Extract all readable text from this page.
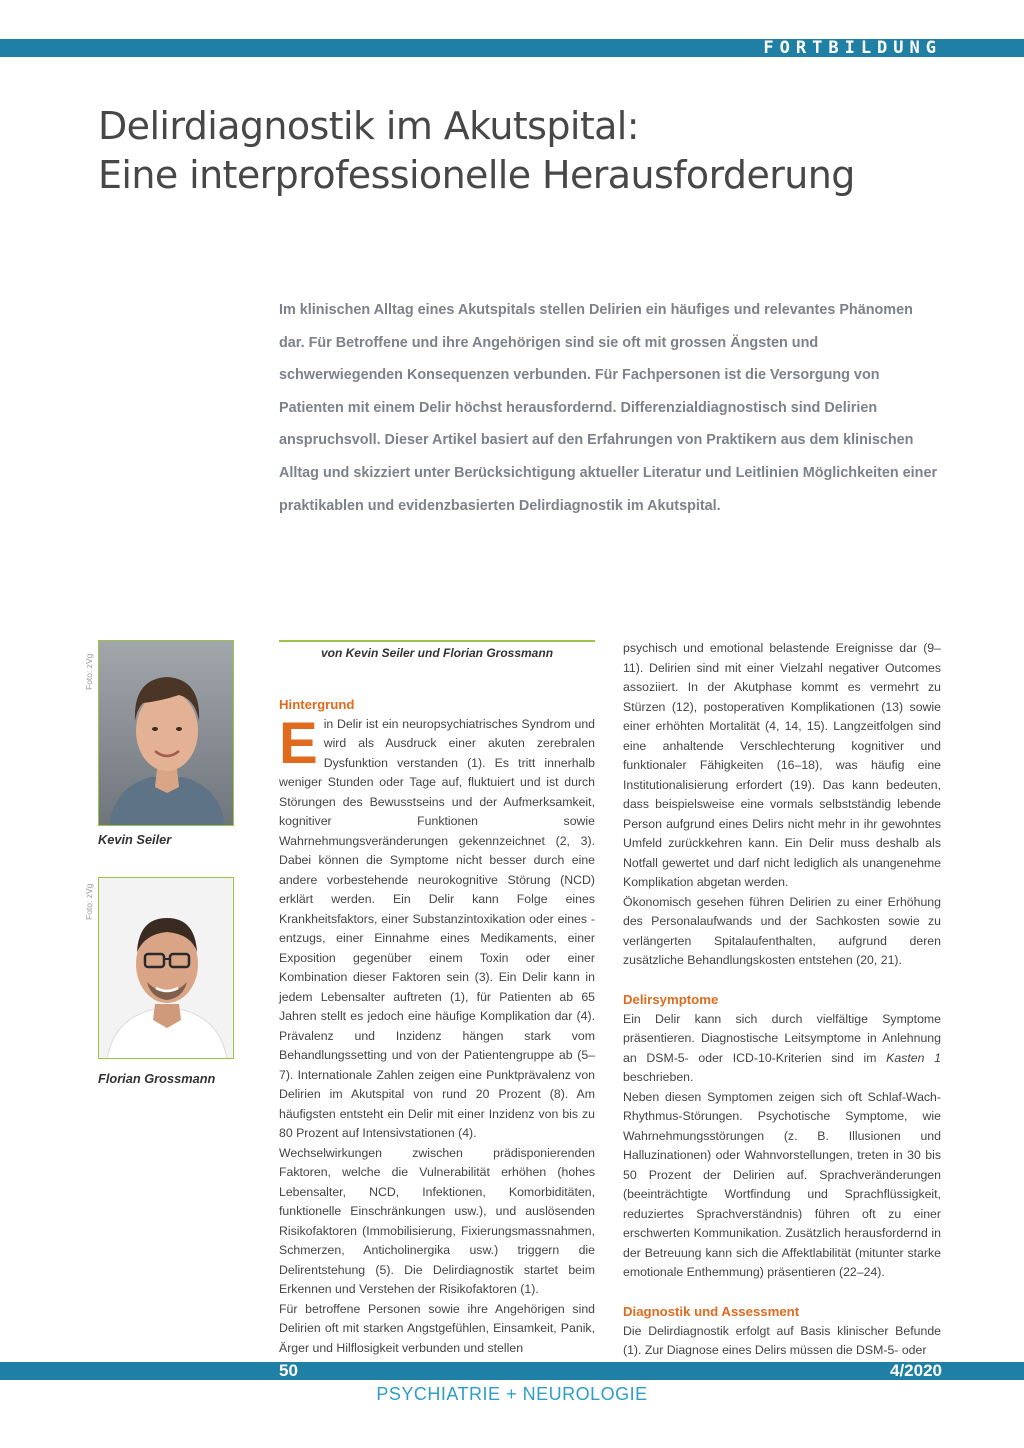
FORTBILDUNG
Delirdiagnostik im Akutspital:
Eine interprofessionelle Herausforderung

Im klinischen Alltag eines Akutspitals stellen Delirien ein häufiges und relevantes Phänomen dar. Für Betroffene und ihre Angehörigen sind sie oft mit grossen Ängsten und schwerwiegenden Konsequenzen verbunden. Für Fachpersonen ist die Versorgung von Patienten mit einem Delir höchst herausfordernd. Differenzialdiagnostisch sind Delirien anspruchsvoll. Dieser Artikel basiert auf den Erfahrungen von Praktikern aus dem klinischen Alltag und skizziert unter Berücksichtigung aktueller Literatur und Leitlinien Möglichkeiten einer praktikablen und evidenzbasierten Delirdiagnostik im Akutspital.

Foto: zVg
Kevin Seiler
Foto: zVg
Florian Grossmann
von Kevin Seiler und Florian Grossmann
Hintergrund

Ein Delir ist ein neuropsychiatrisches Syndrom und wird als Ausdruck einer akuten zerebralen Dysfunktion verstanden (1). Es tritt innerhalb weniger Stunden oder Tage auf, fluktuiert und ist durch Störungen des Bewusstseins und der Aufmerksamkeit, kognitiver Funktionen sowie Wahrnehmungsveränderungen gekennzeichnet (2, 3). Dabei können die Symptome nicht besser durch eine andere vorbestehende neurokognitive Störung (NCD) erklärt werden. Ein Delir kann Folge eines Krankheitsfaktors, einer Substanzintoxikation oder eines -entzugs, einer Einnahme eines Medikaments, einer Exposition gegenüber einem Toxin oder einer Kombination dieser Faktoren sein (3). Ein Delir kann in jedem Lebensalter auftreten (1), für Patienten ab 65 Jahren stellt es jedoch eine häufige Komplikation dar (4). Prävalenz und Inzidenz hängen stark vom Behandlungssetting und von der Patientengruppe ab (5–7). Internationale Zahlen zeigen eine Punktprävalenz von Delirien im Akutspital von rund 20 Prozent (8). Am häufigsten entsteht ein Delir mit einer Inzidenz von bis zu 80 Prozent auf Intensivstationen (4).

Wechselwirkungen zwischen prädisponierenden Faktoren, welche die Vulnerabilität erhöhen (hohes Lebensalter, NCD, Infektionen, Komorbiditäten, funktionelle Einschränkungen usw.), und auslösenden Risikofaktoren (Immobilisierung, Fixierungsmassnahmen, Schmerzen, Anticholinergika usw.) triggern die Delirentstehung (5). Die Delirdiagnostik startet beim Erkennen und Verstehen der Risikofaktoren (1).

Für betroffene Personen sowie ihre Angehörigen sind Delirien oft mit starken Angstgefühlen, Einsamkeit, Panik, Ärger und Hilflosigkeit verbunden und stellen

psychisch und emotional belastende Ereignisse dar (9–11). Delirien sind mit einer Vielzahl negativer Outcomes assoziiert. In der Akutphase kommt es vermehrt zu Stürzen (12), postoperativen Komplikationen (13) sowie einer erhöhten Mortalität (4, 14, 15). Langzeitfolgen sind eine anhaltende Verschlechterung kognitiver und funktionaler Fähigkeiten (16–18), was häufig eine Institutionalisierung erfordert (19). Das kann bedeuten, dass beispielsweise eine vormals selbstständig lebende Person aufgrund eines Delirs nicht mehr in ihr gewohntes Umfeld zurückkehren kann. Ein Delir muss deshalb als Notfall gewertet und darf nicht lediglich als unangenehme Komplikation abgetan werden.

Ökonomisch gesehen führen Delirien zu einer Erhöhung des Personalaufwands und der Sachkosten sowie zu verlängerten Spitalaufenthalten, aufgrund deren zusätzliche Behandlungskosten entstehen (20, 21).

Delirsymptome

Ein Delir kann sich durch vielfältige Symptome präsentieren. Diagnostische Leitsymptome in Anlehnung an DSM-5- oder ICD-10-Kriterien sind im Kasten 1 beschrieben.

Neben diesen Symptomen zeigen sich oft Schlaf-Wach-Rhythmus-Störungen. Psychotische Symptome, wie Wahrnehmungsstörungen (z. B. Illusionen und Halluzinationen) oder Wahnvorstellungen, treten in 30 bis 50 Prozent der Delirien auf. Sprachveränderungen (beeinträchtigte Wortfindung und Sprachflüssigkeit, reduziertes Sprachverständnis) führen oft zu einer erschwerten Kommunikation. Zusätzlich herausfordernd in der Betreuung kann sich die Affektlabilität (mitunter starke emotionale Enthemmung) präsentieren (22–24).

Diagnostik und Assessment

Die Delirdiagnostik erfolgt auf Basis klinischer Befunde (1). Zur Diagnose eines Delirs müssen die DSM-5- oder

50	4/2020
PSYCHIATRIE + NEUROLOGIE
